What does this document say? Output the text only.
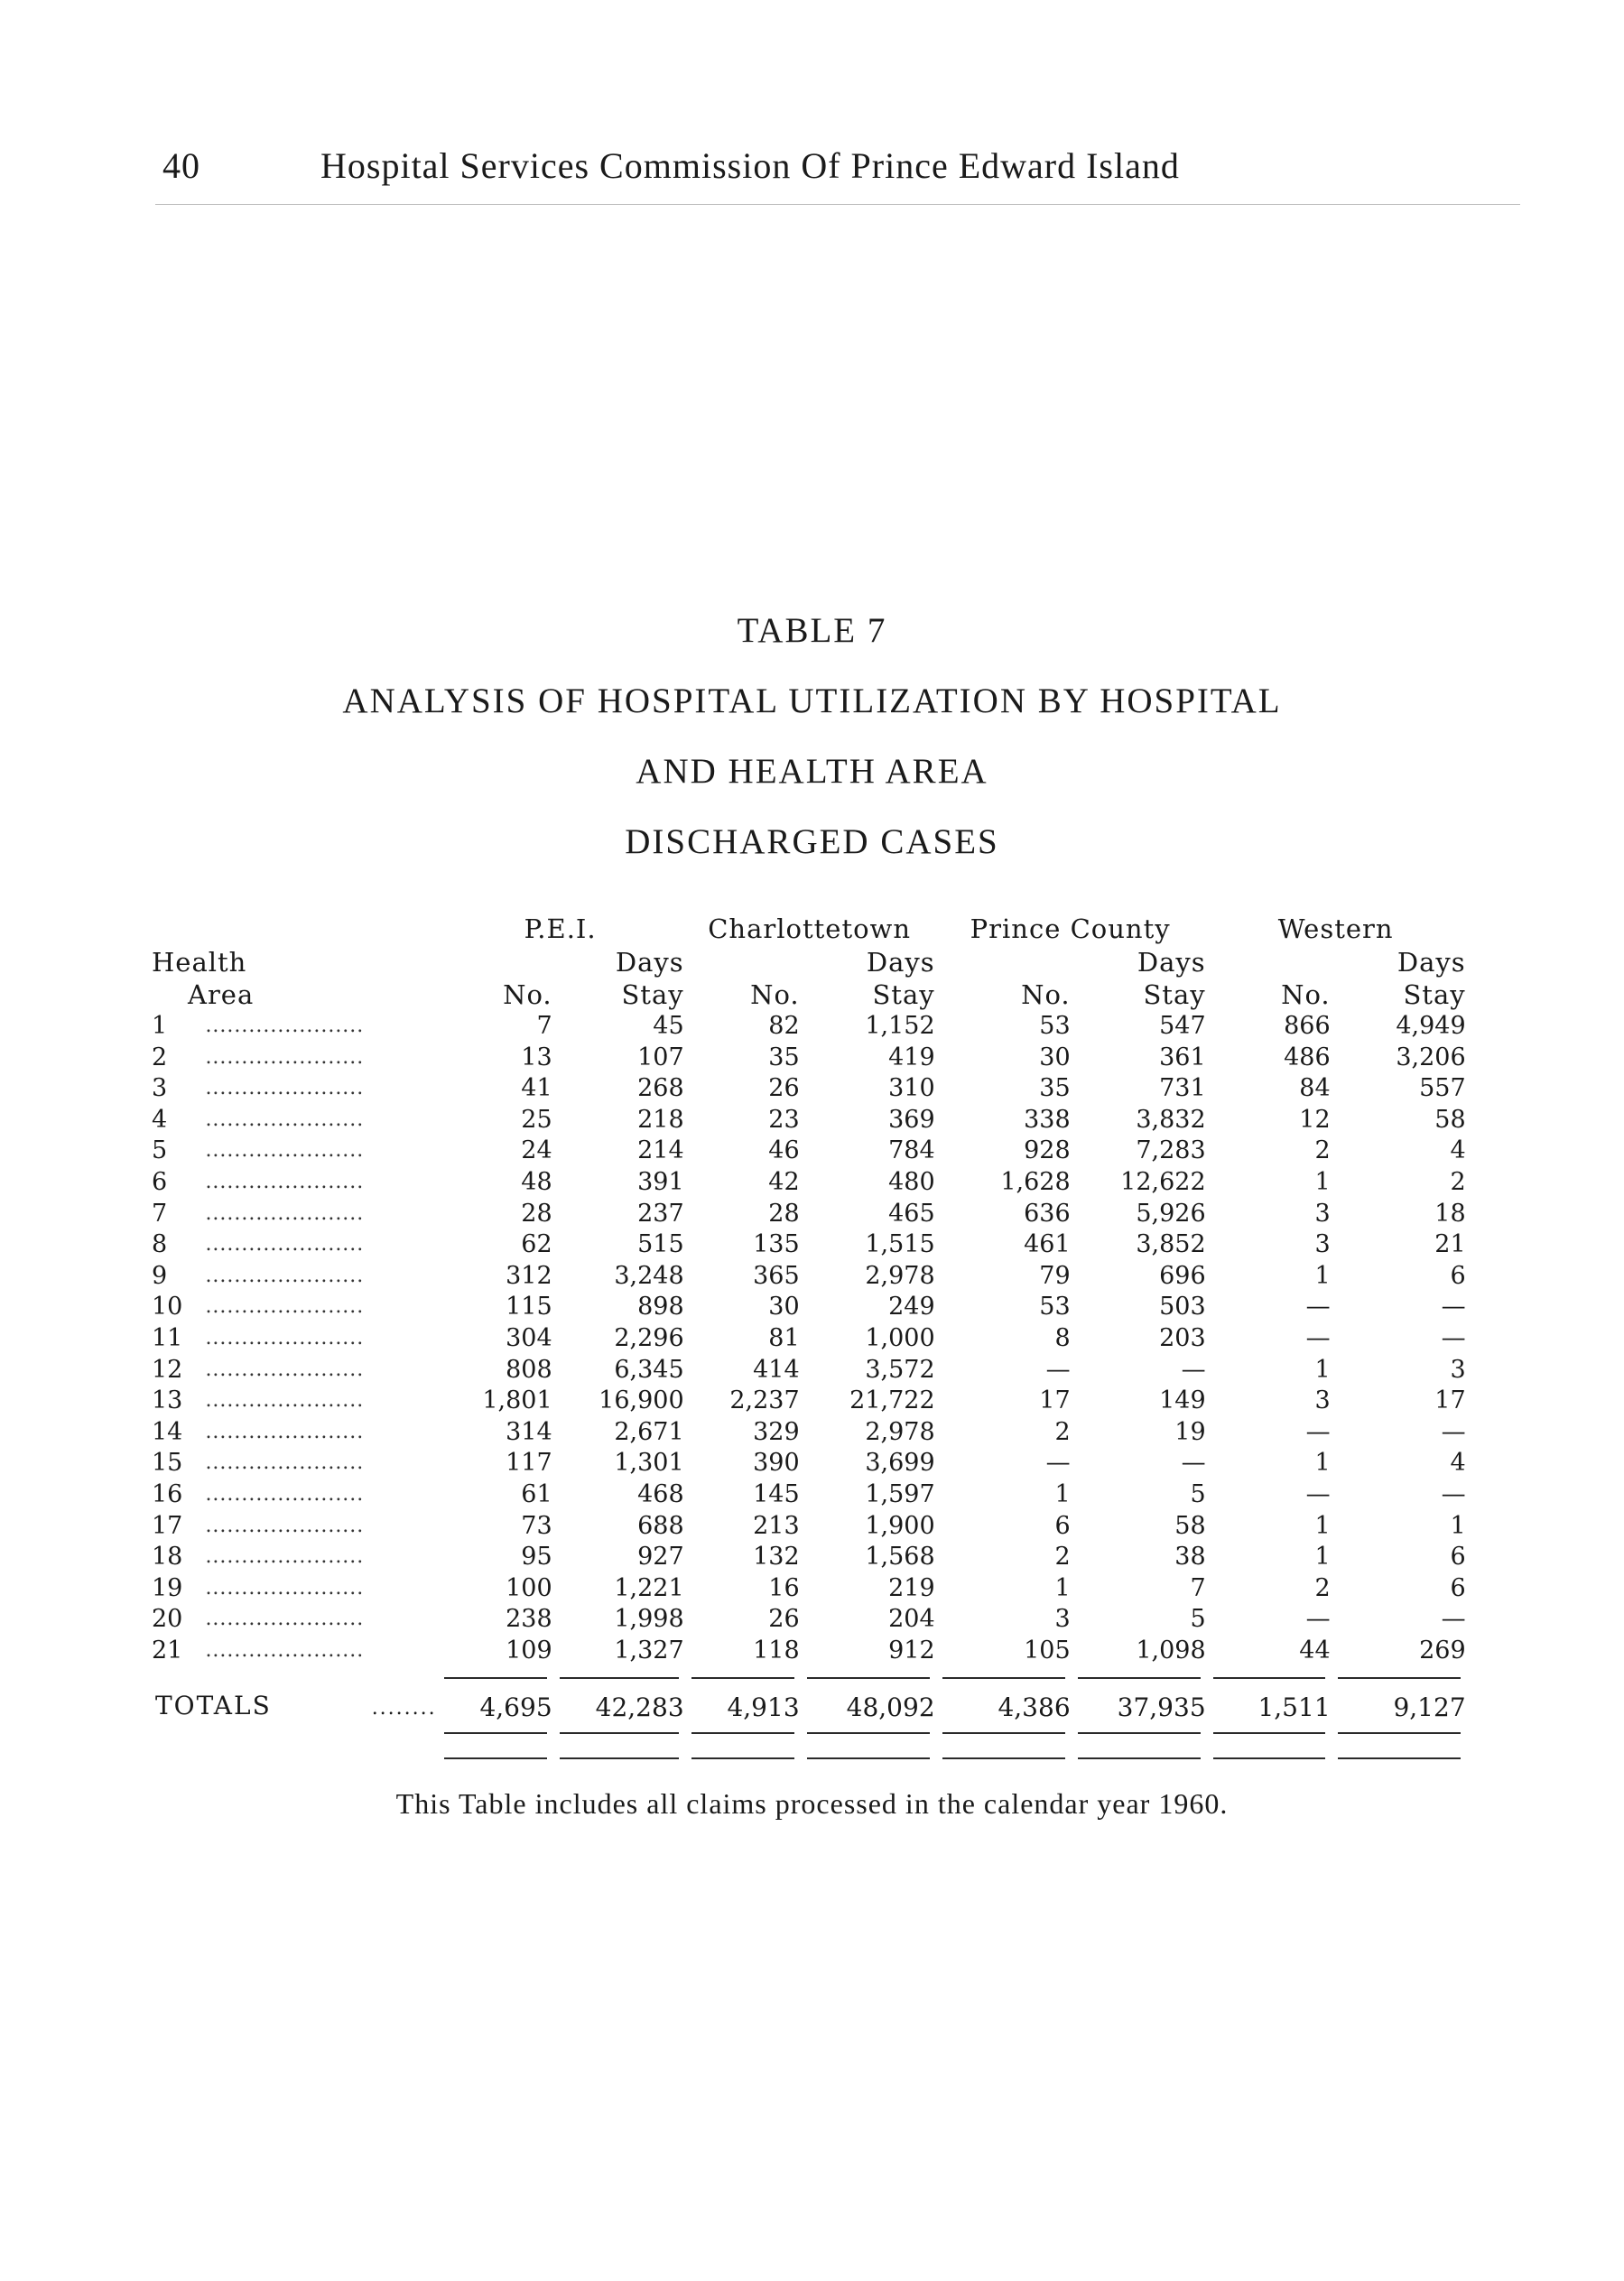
40	Hospital Services Commission Of Prince Edward Island
TABLE 7
ANALYSIS OF HOSPITAL UTILIZATION BY HOSPITAL
AND HEALTH AREA
DISCHARGED CASES
		P.E.I.		Charlottetown		Prince County		Western	
Health			Days		Days		Days		Days
Area		No.	Stay	No.	Stay	No.	Stay	No.	Stay
1	......................	7	45	82	1,152	53	547	866	4,949
2	......................	13	107	35	419	30	361	486	3,206
3	......................	41	268	26	310	35	731	84	557
4	......................	25	218	23	369	338	3,832	12	58
5	......................	24	214	46	784	928	7,283	2	4
6	......................	48	391	42	480	1,628	12,622	1	2
7	......................	28	237	28	465	636	5,926	3	18
8	......................	62	515	135	1,515	461	3,852	3	21
9	......................	312	3,248	365	2,978	79	696	1	6
10	......................	115	898	30	249	53	503	—	—
11	......................	304	2,296	81	1,000	8	203	—	—
12	......................	808	6,345	414	3,572	—	—	1	3
13	......................	1,801	16,900	2,237	21,722	17	149	3	17
14	......................	314	2,671	329	2,978	2	19	—	—
15	......................	117	1,301	390	3,699	—	—	1	4
16	......................	61	468	145	1,597	1	5	—	—
17	......................	73	688	213	1,900	6	58	1	1
18	......................	95	927	132	1,568	2	38	1	6
19	......................	100	1,221	16	219	1	7	2	6
20	......................	238	1,998	26	204	3	5	—	—
21	......................	109	1,327	118	912	105	1,098	44	269

TOTALS ........		4,695	42,283	4,913	48,092	4,386	37,935	1,511	9,127

This Table includes all claims processed in the calendar year 1960.
